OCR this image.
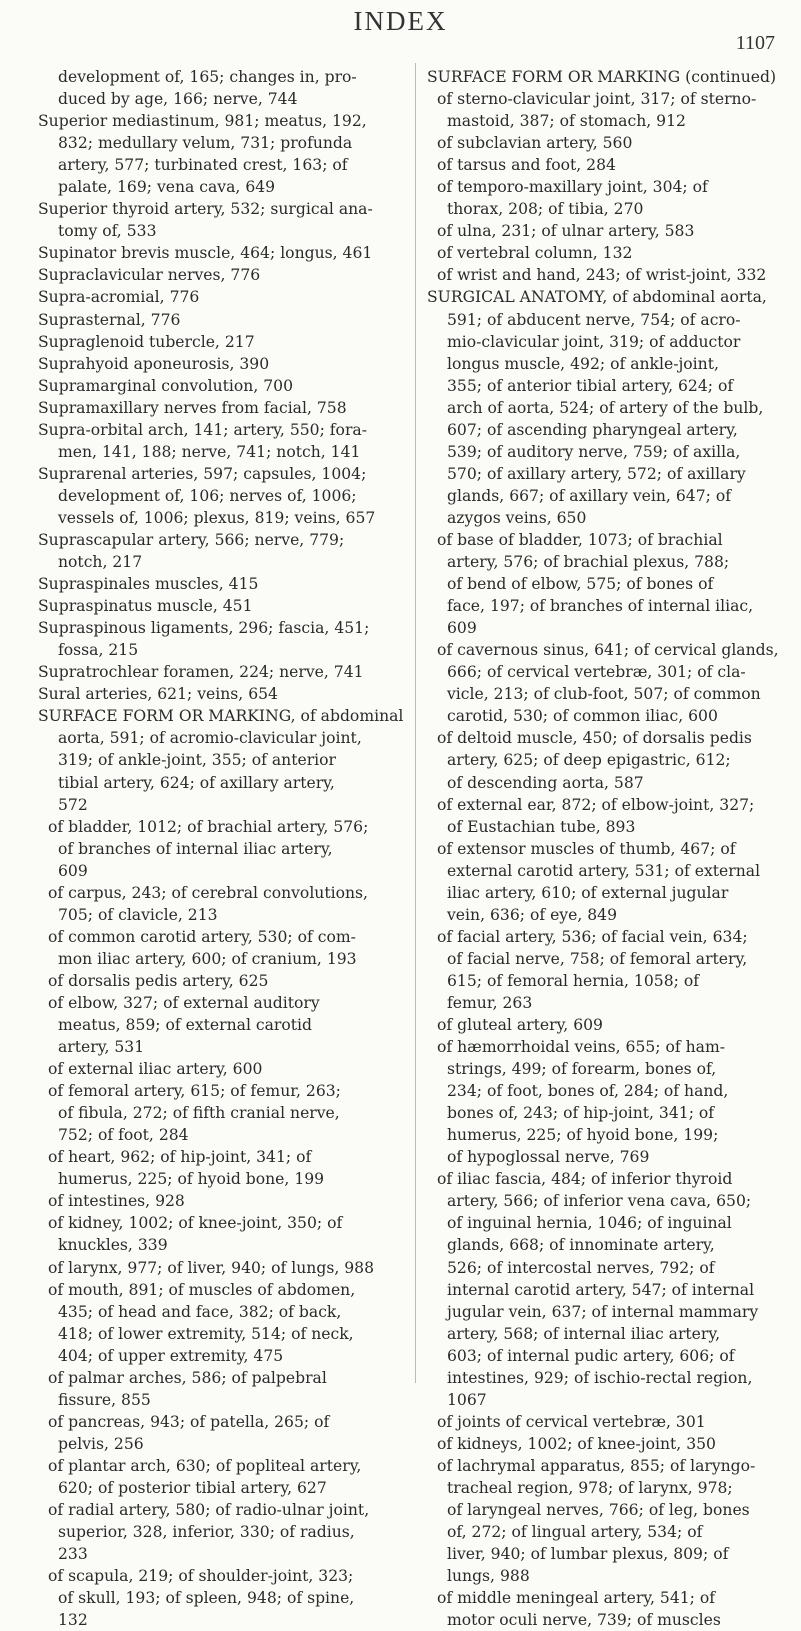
INDEX
1107
development of, 165; changes in, pro-
duced by age, 166; nerve, 744
Superior mediastinum, 981; meatus, 192,
832; medullary velum, 731; profunda
artery, 577; turbinated crest, 163; of
palate, 169; vena cava, 649
Superior thyroid artery, 532; surgical ana-
tomy of, 533
Supinator brevis muscle, 464; longus, 461
Supraclavicular nerves, 776
Supra-acromial, 776
Suprasternal, 776
Supraglenoid tubercle, 217
Suprahyoid aponeurosis, 390
Supramarginal convolution, 700
Supramaxillary nerves from facial, 758
Supra-orbital arch, 141; artery, 550; fora-
men, 141, 188; nerve, 741; notch, 141
Suprarenal arteries, 597; capsules, 1004;
development of, 106; nerves of, 1006;
vessels of, 1006; plexus, 819; veins, 657
Suprascapular artery, 566; nerve, 779;
notch, 217
Supraspinales muscles, 415
Supraspinatus muscle, 451
Supraspinous ligaments, 296; fascia, 451;
fossa, 215
Supratrochlear foramen, 224; nerve, 741
Sural arteries, 621; veins, 654
SURFACE FORM OR MARKING, of abdominal
aorta, 591; of acromio-clavicular joint,
319; of ankle-joint, 355; of anterior
tibial artery, 624; of axillary artery,
572
of bladder, 1012; of brachial artery, 576;
of branches of internal iliac artery,
609
of carpus, 243; of cerebral convolutions,
705; of clavicle, 213
of common carotid artery, 530; of com-
mon iliac artery, 600; of cranium, 193
of dorsalis pedis artery, 625
of elbow, 327; of external auditory
meatus, 859; of external carotid
artery, 531
of external iliac artery, 600
of femoral artery, 615; of femur, 263;
of fibula, 272; of fifth cranial nerve,
752; of foot, 284
of heart, 962; of hip-joint, 341; of
humerus, 225; of hyoid bone, 199
of intestines, 928
of kidney, 1002; of knee-joint, 350; of
knuckles, 339
of larynx, 977; of liver, 940; of lungs, 988
of mouth, 891; of muscles of abdomen,
435; of head and face, 382; of back,
418; of lower extremity, 514; of neck,
404; of upper extremity, 475
of palmar arches, 586; of palpebral
fissure, 855
of pancreas, 943; of patella, 265; of
pelvis, 256
of plantar arch, 630; of popliteal artery,
620; of posterior tibial artery, 627
of radial artery, 580; of radio-ulnar joint,
superior, 328, inferior, 330; of radius,
233
of scapula, 219; of shoulder-joint, 323;
of skull, 193; of spleen, 948; of spine,
132
SURFACE FORM OR MARKING (continued)
of sterno-clavicular joint, 317; of sterno-
mastoid, 387; of stomach, 912
of subclavian artery, 560
of tarsus and foot, 284
of temporo-maxillary joint, 304; of
thorax, 208; of tibia, 270
of ulna, 231; of ulnar artery, 583
of vertebral column, 132
of wrist and hand, 243; of wrist-joint, 332
SURGICAL ANATOMY, of abdominal aorta,
591; of abducent nerve, 754; of acro-
mio-clavicular joint, 319; of adductor
longus muscle, 492; of ankle-joint,
355; of anterior tibial artery, 624; of
arch of aorta, 524; of artery of the bulb,
607; of ascending pharyngeal artery,
539; of auditory nerve, 759; of axilla,
570; of axillary artery, 572; of axillary
glands, 667; of axillary vein, 647; of
azygos veins, 650
of base of bladder, 1073; of brachial
artery, 576; of brachial plexus, 788;
of bend of elbow, 575; of bones of
face, 197; of branches of internal iliac,
609
of cavernous sinus, 641; of cervical glands,
666; of cervical vertebræ, 301; of cla-
vicle, 213; of club-foot, 507; of common
carotid, 530; of common iliac, 600
of deltoid muscle, 450; of dorsalis pedis
artery, 625; of deep epigastric, 612;
of descending aorta, 587
of external ear, 872; of elbow-joint, 327;
of Eustachian tube, 893
of extensor muscles of thumb, 467; of
external carotid artery, 531; of external
iliac artery, 610; of external jugular
vein, 636; of eye, 849
of facial artery, 536; of facial vein, 634;
of facial nerve, 758; of femoral artery,
615; of femoral hernia, 1058; of
femur, 263
of gluteal artery, 609
of hæmorrhoidal veins, 655; of ham-
strings, 499; of forearm, bones of,
234; of foot, bones of, 284; of hand,
bones of, 243; of hip-joint, 341; of
humerus, 225; of hyoid bone, 199;
of hypoglossal nerve, 769
of iliac fascia, 484; of inferior thyroid
artery, 566; of inferior vena cava, 650;
of inguinal hernia, 1046; of inguinal
glands, 668; of innominate artery,
526; of intercostal nerves, 792; of
internal carotid artery, 547; of internal
jugular vein, 637; of internal mammary
artery, 568; of internal iliac artery,
603; of internal pudic artery, 606; of
intestines, 929; of ischio-rectal region,
1067
of joints of cervical vertebræ, 301
of kidneys, 1002; of knee-joint, 350
of lachrymal apparatus, 855; of laryngo-
tracheal region, 978; of larynx, 978;
of laryngeal nerves, 766; of leg, bones
of, 272; of lingual artery, 534; of
liver, 940; of lumbar plexus, 809; of
lungs, 988
of middle meningeal artery, 541; of
motor oculi nerve, 739; of muscles
